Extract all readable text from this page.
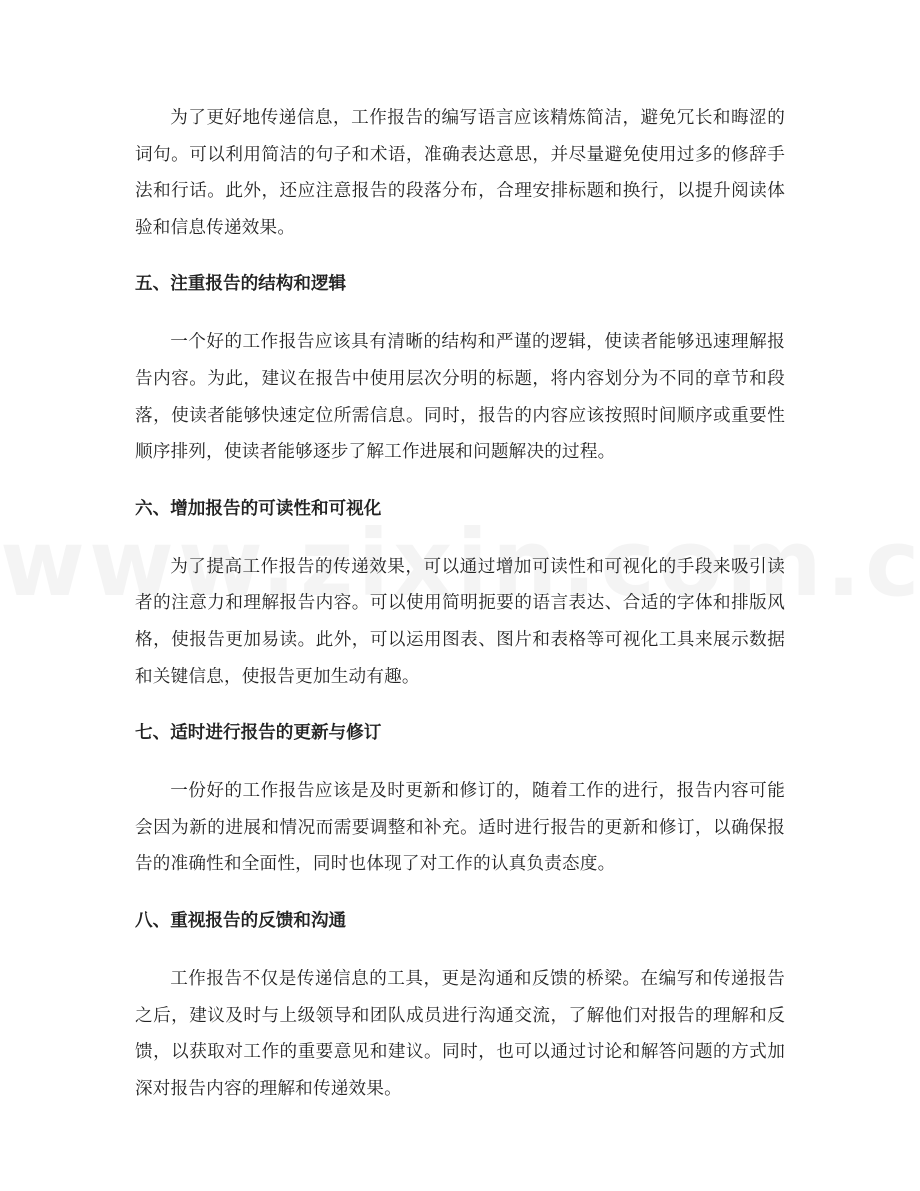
为了更好地传递信息，工作报告的编写语言应该精炼简洁，避免冗长和晦涩的词句。可以利用简洁的句子和术语，准确表达意思，并尽量避免使用过多的修辞手法和行话。此外，还应注意报告的段落分布，合理安排标题和换行，以提升阅读体验和信息传递效果。

五、注重报告的结构和逻辑

一个好的工作报告应该具有清晰的结构和严谨的逻辑，使读者能够迅速理解报告内容。为此，建议在报告中使用层次分明的标题，将内容划分为不同的章节和段落，使读者能够快速定位所需信息。同时，报告的内容应该按照时间顺序或重要性顺序排列，使读者能够逐步了解工作进展和问题解决的过程。

六、增加报告的可读性和可视化

为了提高工作报告的传递效果，可以通过增加可读性和可视化的手段来吸引读者的注意力和理解报告内容。可以使用简明扼要的语言表达、合适的字体和排版风格，使报告更加易读。此外，可以运用图表、图片和表格等可视化工具来展示数据和关键信息，使报告更加生动有趣。

七、适时进行报告的更新与修订

一份好的工作报告应该是及时更新和修订的，随着工作的进行，报告内容可能会因为新的进展和情况而需要调整和补充。适时进行报告的更新和修订，以确保报告的准确性和全面性，同时也体现了对工作的认真负责态度。

八、重视报告的反馈和沟通

工作报告不仅是传递信息的工具，更是沟通和反馈的桥梁。在编写和传递报告之后，建议及时与上级领导和团队成员进行沟通交流，了解他们对报告的理解和反馈，以获取对工作的重要意见和建议。同时，也可以通过讨论和解答问题的方式加深对报告内容的理解和传递效果。
